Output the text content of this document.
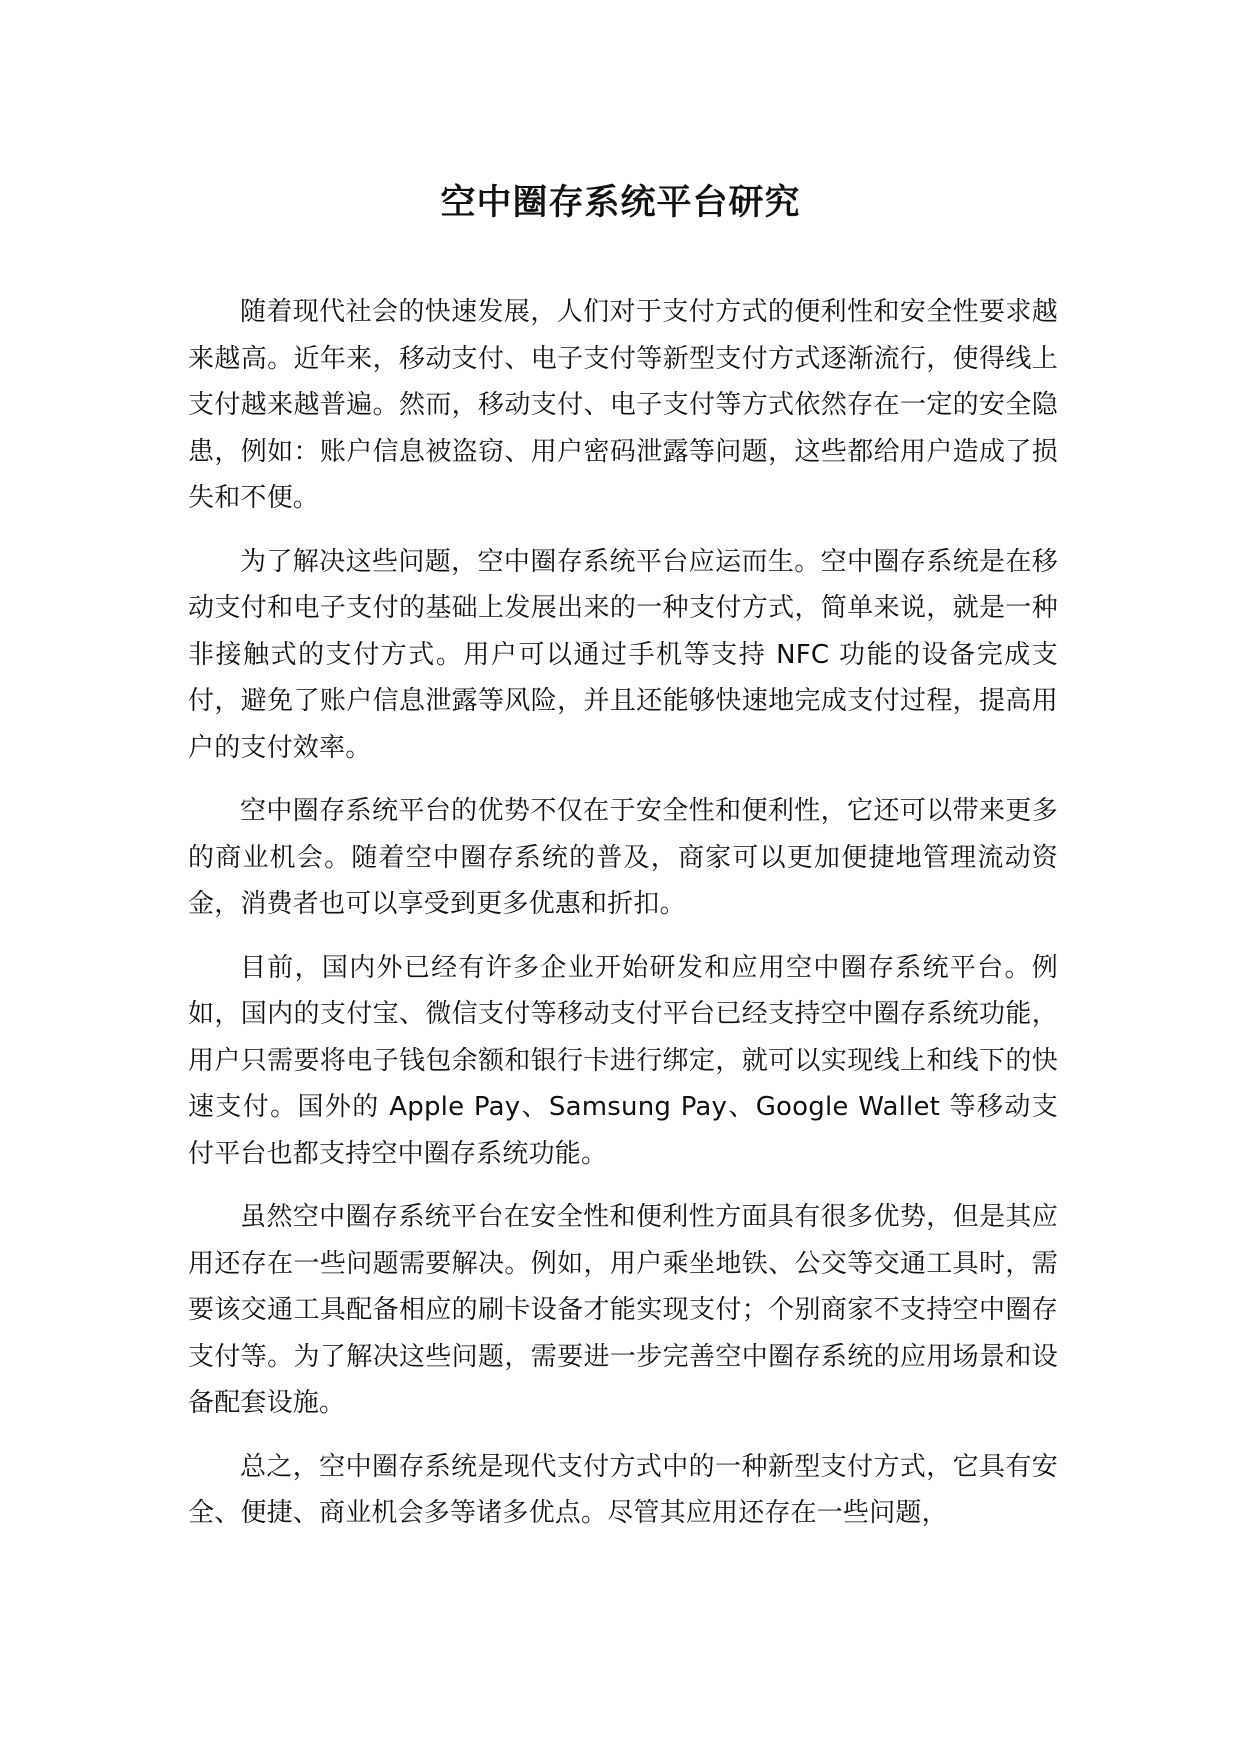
空中圈存系统平台研究

随着现代社会的快速发展，人们对于支付方式的便利性和安全性要求越来越高。近年来，移动支付、电子支付等新型支付方式逐渐流行，使得线上支付越来越普遍。然而，移动支付、电子支付等方式依然存在一定的安全隐患，例如：账户信息被盗窃、用户密码泄露等问题，这些都给用户造成了损失和不便。

为了解决这些问题，空中圈存系统平台应运而生。空中圈存系统是在移动支付和电子支付的基础上发展出来的一种支付方式，简单来说，就是一种非接触式的支付方式。用户可以通过手机等支持 NFC 功能的设备完成支付，避免了账户信息泄露等风险，并且还能够快速地完成支付过程，提高用户的支付效率。

空中圈存系统平台的优势不仅在于安全性和便利性，它还可以带来更多的商业机会。随着空中圈存系统的普及，商家可以更加便捷地管理流动资金，消费者也可以享受到更多优惠和折扣。

目前，国内外已经有许多企业开始研发和应用空中圈存系统平台。例如，国内的支付宝、微信支付等移动支付平台已经支持空中圈存系统功能，用户只需要将电子钱包余额和银行卡进行绑定，就可以实现线上和线下的快速支付。国外的 Apple Pay、Samsung Pay、Google Wallet 等移动支付平台也都支持空中圈存系统功能。

虽然空中圈存系统平台在安全性和便利性方面具有很多优势，但是其应用还存在一些问题需要解决。例如，用户乘坐地铁、公交等交通工具时，需要该交通工具配备相应的刷卡设备才能实现支付；个别商家不支持空中圈存支付等。为了解决这些问题，需要进一步完善空中圈存系统的应用场景和设备配套设施。

总之，空中圈存系统是现代支付方式中的一种新型支付方式，它具有安全、便捷、商业机会多等诸多优点。尽管其应用还存在一些问题，
